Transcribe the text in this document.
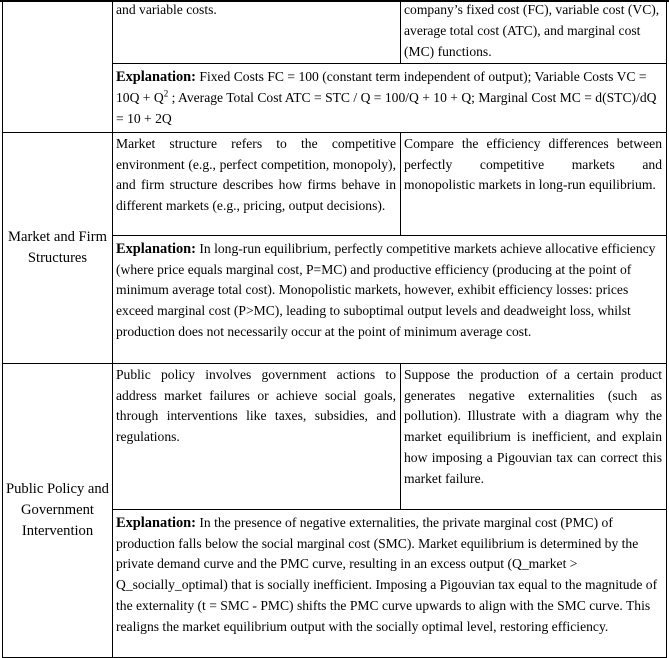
	and variable costs.	company’s fixed cost (FC), variable cost (VC), average total cost (ATC), and marginal cost (MC) functions.
	Explanation: Fixed Costs FC = 100 (constant term independent of output); Variable Costs VC = $10Q + Q^2$ ; Average Total Cost ATC = STC / Q = 100/Q + 10 + Q; Marginal Cost MC = d(STC)/dQ = 10 + 2Q	
Market and Firm Structures	Market structure refers to the competitive environment (e.g., perfect competition, monopoly), and firm structure describes how firms behave in different markets (e.g., pricing, output decisions).	Compare the efficiency differences between perfectly competitive markets and monopolistic markets in long-run equilibrium.
	Explanation: In long-run equilibrium, perfectly competitive markets achieve allocative efficiency (where price equals marginal cost, P=MC) and productive efficiency (producing at the point of minimum average total cost). Monopolistic markets, however, exhibit efficiency losses: prices exceed marginal cost (P>MC), leading to suboptimal output levels and deadweight loss, whilst production does not necessarily occur at the point of minimum average cost.	
Public Policy and Government Intervention	Public policy involves government actions to address market failures or achieve social goals, through interventions like taxes, subsidies, and regulations.	Suppose the production of a certain product generates negative externalities (such as pollution). Illustrate with a diagram why the market equilibrium is inefficient, and explain how imposing a Pigouvian tax can correct this market failure.
	Explanation: In the presence of negative externalities, the private marginal cost (PMC) of production falls below the social marginal cost (SMC). Market equilibrium is determined by the private demand curve and the PMC curve, resulting in an excess output (Q_market > Q_socially_optimal) that is socially inefficient. Imposing a Pigouvian tax equal to the magnitude of the externality (t = SMC - PMC) shifts the PMC curve upwards to align with the SMC curve. This realigns the market equilibrium output with the socially optimal level, restoring efficiency.	
